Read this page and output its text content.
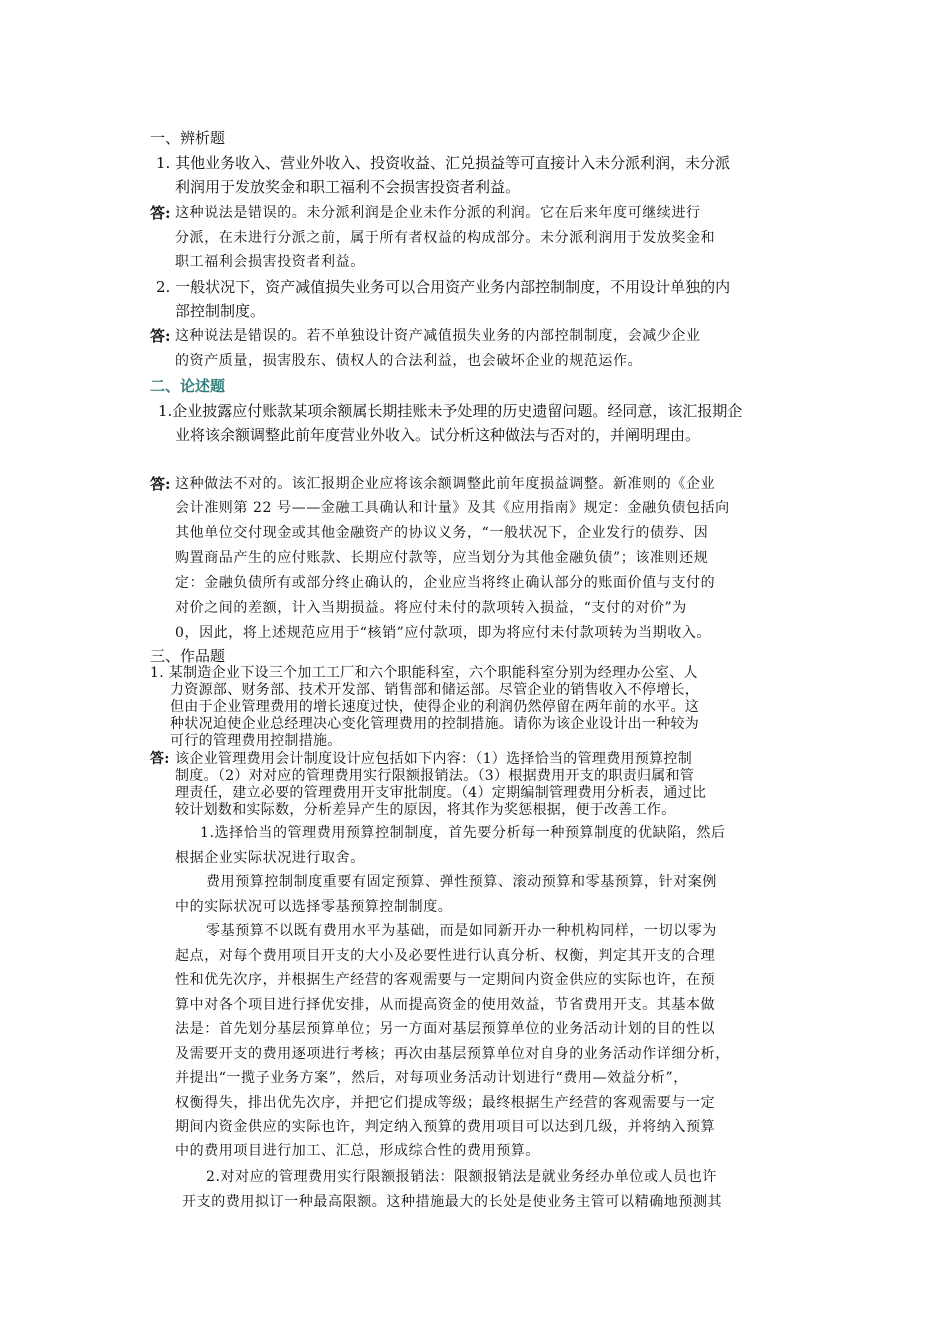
一、辨析题
1. 其他业务收入、营业外收入、投资收益、汇兑损益等可直接计入未分派利润，未分派
利润用于发放奖金和职工福利不会损害投资者利益。
答: 这种说法是错误的。未分派利润是企业未作分派的利润。它在后来年度可继续进行
分派，在未进行分派之前，属于所有者权益的构成部分。未分派利润用于发放奖金和
职工福利会损害投资者利益。
2. 一般状况下，资产减值损失业务可以合用资产业务内部控制制度，不用设计单独的内
部控制制度。
答: 这种说法是错误的。若不单独设计资产减值损失业务的内部控制制度，会减少企业
的资产质量，损害股东、债权人的合法利益，也会破坏企业的规范运作。
二、论述题
1.企业披露应付账款某项余额属长期挂账未予处理的历史遗留问题。经同意，该汇报期企
业将该余额调整此前年度营业外收入。试分析这种做法与否对的，并阐明理由。
答: 这种做法不对的。该汇报期企业应将该余额调整此前年度损益调整。新准则的《企业
会计准则第 22 号——金融工具确认和计量》及其《应用指南》规定：金融负债包括向
其他单位交付现金或其他金融资产的协议义务，“一般状况下，企业发行的债券、因
购置商品产生的应付账款、长期应付款等，应当划分为其他金融负债”；该准则还规
定：金融负债所有或部分终止确认的，企业应当将终止确认部分的账面价值与支付的
对价之间的差额，计入当期损益。将应付未付的款项转入损益，“支付的对价”为
0，因此，将上述规范应用于“核销”应付款项，即为将应付未付款项转为当期收入。
三、作品题
1. 某制造企业下设三个加工工厂和六个职能科室，六个职能科室分别为经理办公室、人
力资源部、财务部、技术开发部、销售部和储运部。尽管企业的销售收入不停增长，
但由于企业管理费用的增长速度过快，使得企业的利润仍然停留在两年前的水平。这
种状况迫使企业总经理决心变化管理费用的控制措施。请你为该企业设计出一种较为
可行的管理费用控制措施。
答: 该企业管理费用会计制度设计应包括如下内容：（1）选择恰当的管理费用预算控制
制度。（2）对对应的管理费用实行限额报销法。（3）根据费用开支的职责归属和管
理责任，建立必要的管理费用开支审批制度。（4）定期编制管理费用分析表，通过比
较计划数和实际数，分析差异产生的原因，将其作为奖惩根据，便于改善工作。
1.选择恰当的管理费用预算控制制度，首先要分析每一种预算制度的优缺陷，然后
根据企业实际状况进行取舍。
费用预算控制制度重要有固定预算、弹性预算、滚动预算和零基预算，针对案例
中的实际状况可以选择零基预算控制制度。
零基预算不以既有费用水平为基础，而是如同新开办一种机构同样，一切以零为
起点，对每个费用项目开支的大小及必要性进行认真分析、权衡，判定其开支的合理
性和优先次序，并根据生产经营的客观需要与一定期间内资金供应的实际也许，在预
算中对各个项目进行择优安排，从而提高资金的使用效益，节省费用开支。其基本做
法是：首先划分基层预算单位；另一方面对基层预算单位的业务活动计划的目的性以
及需要开支的费用逐项进行考核；再次由基层预算单位对自身的业务活动作详细分析，
并提出“一揽子业务方案”，然后，对每项业务活动计划进行“费用—效益分析”，
权衡得失，排出优先次序，并把它们提成等级；最终根据生产经营的客观需要与一定
期间内资金供应的实际也许，判定纳入预算的费用项目可以达到几级，并将纳入预算
中的费用项目进行加工、汇总，形成综合性的费用预算。
2.对对应的管理费用实行限额报销法：限额报销法是就业务经办单位或人员也许
开支的费用拟订一种最高限额。这种措施最大的长处是使业务主管可以精确地预测其
